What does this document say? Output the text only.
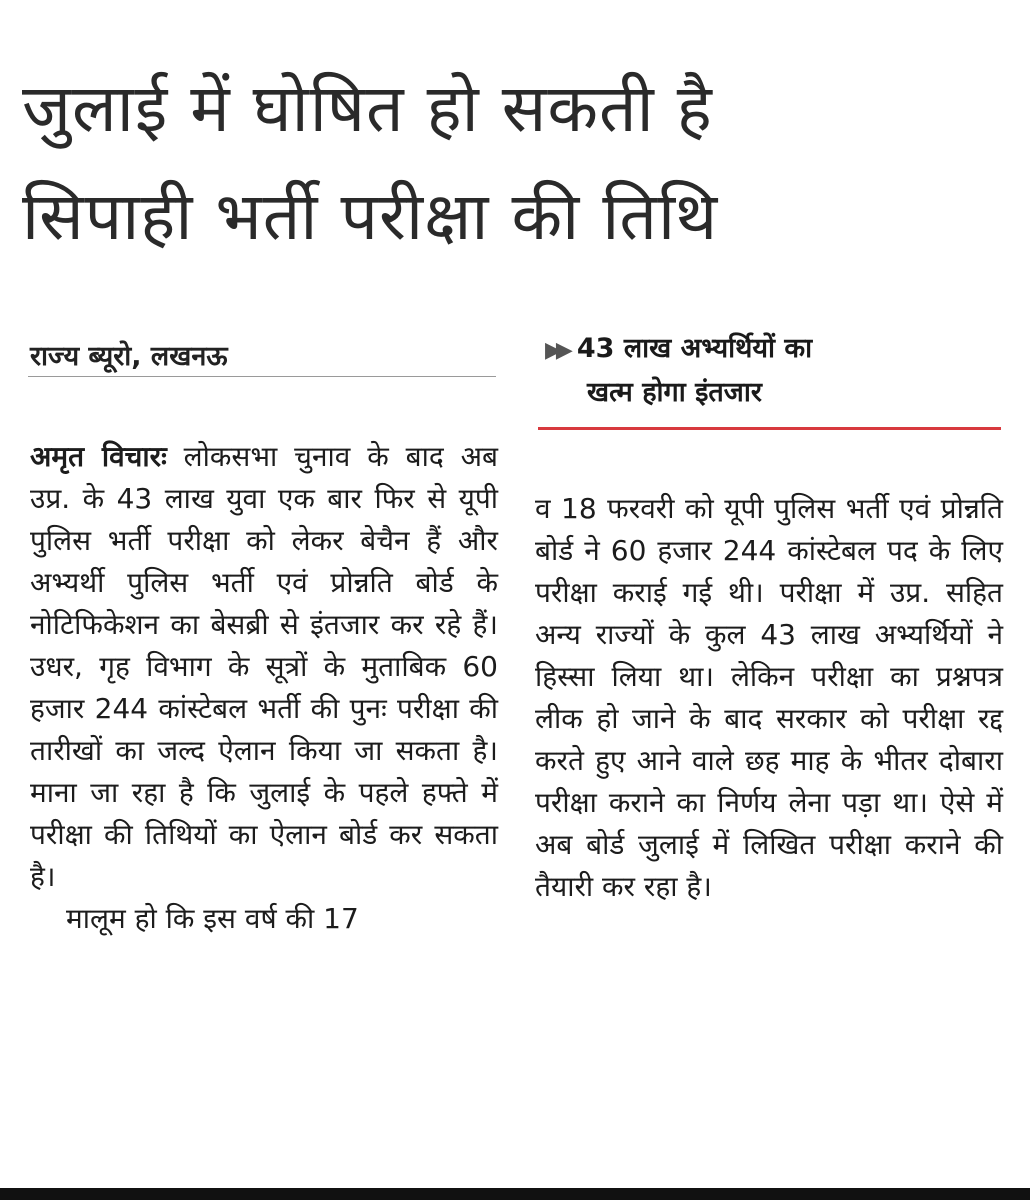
जुलाई में घोषित हो सकती है
सिपाही भर्ती परीक्षा की तिथि
राज्य ब्यूरो, लखनऊ	▶▶ 43 लाख अभ्यर्थियों का
खत्म होगा इंतजार

अमृत विचारः लोकसभा चुनाव के बाद अब उप्र. के 43 लाख युवा एक बार फिर से यूपी पुलिस भर्ती परीक्षा को लेकर बेचैन हैं और अभ्यर्थी पुलिस भर्ती एवं प्रोन्नति बोर्ड के नोटिफिकेशन का बेसब्री से इंतजार कर रहे हैं। उधर, गृह विभाग के सूत्रों के मुताबिक 60 हजार 244 कांस्टेबल भर्ती की पुनः परीक्षा की तारीखों का जल्द ऐलान किया जा सकता है। माना जा रहा है कि जुलाई के पहले हफ्ते में परीक्षा की तिथियों का ऐलान बोर्ड कर सकता है।

मालूम हो कि इस वर्ष की 17

व 18 फरवरी को यूपी पुलिस भर्ती एवं प्रोन्नति बोर्ड ने 60 हजार 244 कांस्टेबल पद के लिए परीक्षा कराई गई थी। परीक्षा में उप्र. सहित अन्य राज्यों के कुल 43 लाख अभ्यर्थियों ने हिस्सा लिया था। लेकिन परीक्षा का प्रश्नपत्र लीक हो जाने के बाद सरकार को परीक्षा रद्द करते हुए आने वाले छह माह के भीतर दोबारा परीक्षा कराने का निर्णय लेना पड़ा था। ऐसे में अब बोर्ड जुलाई में लिखित परीक्षा कराने की तैयारी कर रहा है।
